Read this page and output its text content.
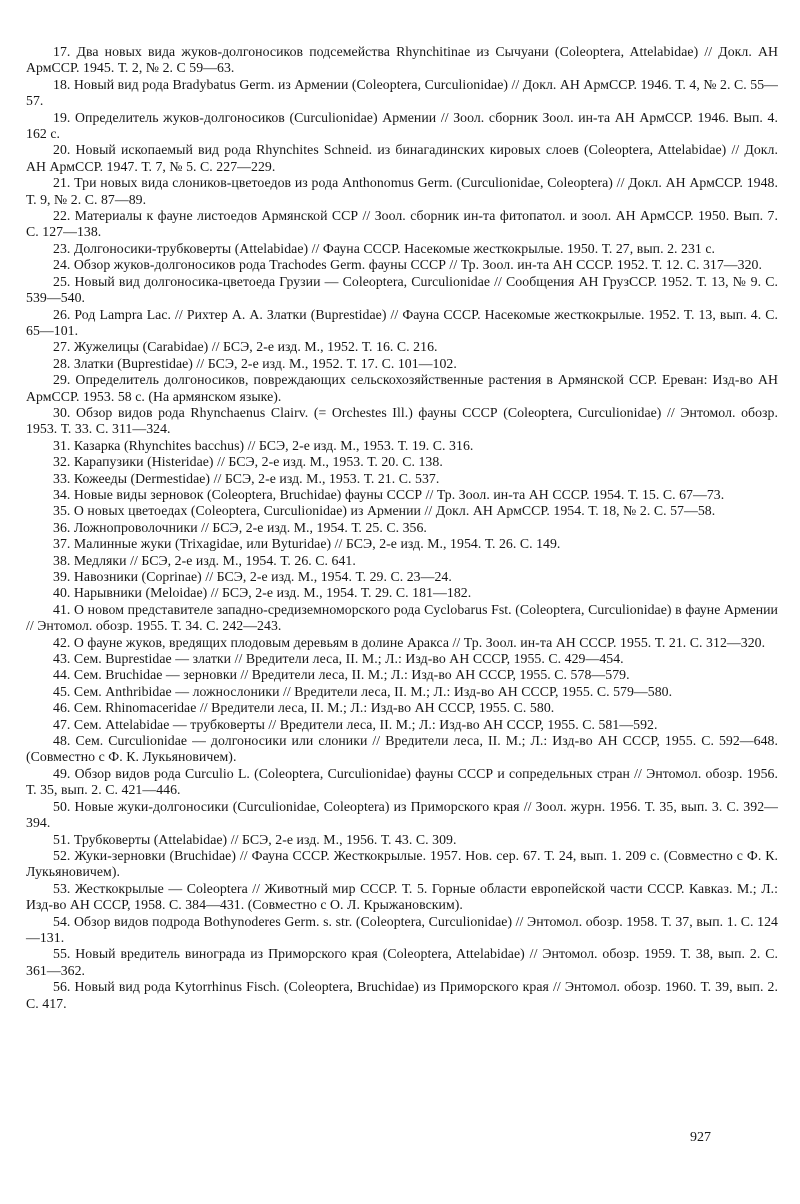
17. Два новых вида жуков-долгоносиков подсемейства Rhynchitinae из Сычуани (Coleoptera, Attelabidae) // Докл. АН АрмССР. 1945. Т. 2, № 2. С 59—63.

18. Новый вид рода Bradybatus Germ. из Армении (Coleoptera, Curculionidae) // Докл. АН АрмССР. 1946. Т. 4, № 2. С. 55—57.

19. Определитель жуков-долгоносиков (Curculionidae) Армении // Зоол. сборник Зоол. ин-та АН АрмССР. 1946. Вып. 4. 162 с.

20. Новый ископаемый вид рода Rhynchites Schneid. из бинагадинских кировых слоев (Coleoptera, Attelabidae) // Докл. АН АрмССР. 1947. Т. 7, № 5. С. 227—229.

21. Три новых вида слоников-цветоедов из рода Anthonomus Germ. (Curculionidae, Coleoptera) // Докл. АН АрмССР. 1948. Т. 9, № 2. С. 87—89.

22. Материалы к фауне листоедов Армянской ССР // Зоол. сборник ин-та фитопатол. и зоол. АН АрмССР. 1950. Вып. 7. С. 127—138.

23. Долгоносики-трубковерты (Attelabidae) // Фауна СССР. Насекомые жесткокрылые. 1950. Т. 27, вып. 2. 231 с.

24. Обзор жуков-долгоносиков рода Trachodes Germ. фауны СССР // Тр. Зоол. ин-та АН СССР. 1952. Т. 12. С. 317—320.

25. Новый вид долгоносика-цветоеда Грузии — Coleoptera, Curculionidae // Сообщения АН ГрузССР. 1952. Т. 13, № 9. С. 539—540.

26. Род Lampra Lac. // Рихтер А. А. Златки (Buprestidae) // Фауна СССР. Насекомые жесткокрылые. 1952. Т. 13, вып. 4. С. 65—101.

27. Жужелицы (Carabidae) // БСЭ, 2-е изд. М., 1952. Т. 16. С. 216.

28. Златки (Buprestidae) // БСЭ, 2-е изд. М., 1952. Т. 17. С. 101—102.

29. Определитель долгоносиков, повреждающих сельскохозяйственные растения в Армянской ССР. Ереван: Изд-во АН АрмССР. 1953. 58 с. (На армянском языке).

30. Обзор видов рода Rhynchaenus Clairv. (= Orchestes Ill.) фауны СССР (Coleoptera, Curculionidae) // Энтомол. обозр. 1953. Т. 33. С. 311—324.

31. Казарка (Rhynchites bacchus) // БСЭ, 2-е изд. М., 1953. Т. 19. С. 316.

32. Карапузики (Histeridae) // БСЭ, 2-е изд. М., 1953. Т. 20. С. 138.

33. Кожееды (Dermestidae) // БСЭ, 2-е изд. М., 1953. Т. 21. С. 537.

34. Новые виды зерновок (Coleoptera, Bruchidae) фауны СССР // Тр. Зоол. ин-та АН СССР. 1954. Т. 15. С. 67—73.

35. О новых цветоедах (Coleoptera, Curculionidae) из Армении // Докл. АН АрмССР. 1954. Т. 18, № 2. С. 57—58.

36. Ложнопроволочники // БСЭ, 2-е изд. М., 1954. Т. 25. С. 356.

37. Малинные жуки (Trixagidae, или Byturidae) // БСЭ, 2-е изд. М., 1954. Т. 26. С. 149.

38. Медляки // БСЭ, 2-е изд. М., 1954. Т. 26. С. 641.

39. Навозники (Coprinae) // БСЭ, 2-е изд. М., 1954. Т. 29. С. 23—24.

40. Нарывники (Meloidae) // БСЭ, 2-е изд. М., 1954. Т. 29. С. 181—182.

41. О новом представителе западно-средиземноморского рода Cyclobarus Fst. (Coleoptera, Curculionidae) в фауне Армении // Энтомол. обозр. 1955. Т. 34. С. 242—243.

42. О фауне жуков, вредящих плодовым деревьям в долине Аракса // Тр. Зоол. ин-та АН СССР. 1955. Т. 21. С. 312—320.

43. Сем. Buprestidae — златки // Вредители леса, II. М.; Л.: Изд-во АН СССР, 1955. С. 429—454.

44. Сем. Bruchidae — зерновки // Вредители леса, II. М.; Л.: Изд-во АН СССР, 1955. С. 578—579.

45. Сем. Anthribidae — ложнослоники // Вредители леса, II. М.; Л.: Изд-во АН СССР, 1955. С. 579—580.

46. Сем. Rhinomaceridae // Вредители леса, II. М.; Л.: Изд-во АН СССР, 1955. С. 580.

47. Сем. Attelabidae — трубковерты // Вредители леса, II. М.; Л.: Изд-во АН СССР, 1955. С. 581—592.

48. Сем. Curculionidae — долгоносики или слоники // Вредители леса, II. М.; Л.: Изд-во АН СССР, 1955. С. 592—648. (Совместно с Ф. К. Лукьяновичем).

49. Обзор видов рода Curculio L. (Coleoptera, Curculionidae) фауны СССР и сопредельных стран // Энтомол. обозр. 1956. Т. 35, вып. 2. С. 421—446.

50. Новые жуки-долгоносики (Curculionidae, Coleoptera) из Приморского края // Зоол. журн. 1956. Т. 35, вып. 3. С. 392—394.

51. Трубковерты (Attelabidae) // БСЭ, 2-е изд. М., 1956. Т. 43. С. 309.

52. Жуки-зерновки (Bruchidae) // Фауна СССР. Жесткокрылые. 1957. Нов. сер. 67. Т. 24, вып. 1. 209 с. (Совместно с Ф. К. Лукьяновичем).

53. Жесткокрылые — Coleoptera // Животный мир СССР. Т. 5. Горные области европейской части СССР. Кавказ. М.; Л.: Изд-во АН СССР, 1958. С. 384—431. (Совместно с О. Л. Крыжановским).

54. Обзор видов подрода Bothynoderes Germ. s. str. (Coleoptera, Curculionidae) // Энтомол. обозр. 1958. Т. 37, вып. 1. С. 124—131.

55. Новый вредитель винограда из Приморского края (Coleoptera, Attelabidae) // Энтомол. обозр. 1959. Т. 38, вып. 2. С. 361—362.

56. Новый вид рода Kytorrhinus Fisch. (Coleoptera, Bruchidae) из Приморского края // Энтомол. обозр. 1960. Т. 39, вып. 2. С. 417.

927
